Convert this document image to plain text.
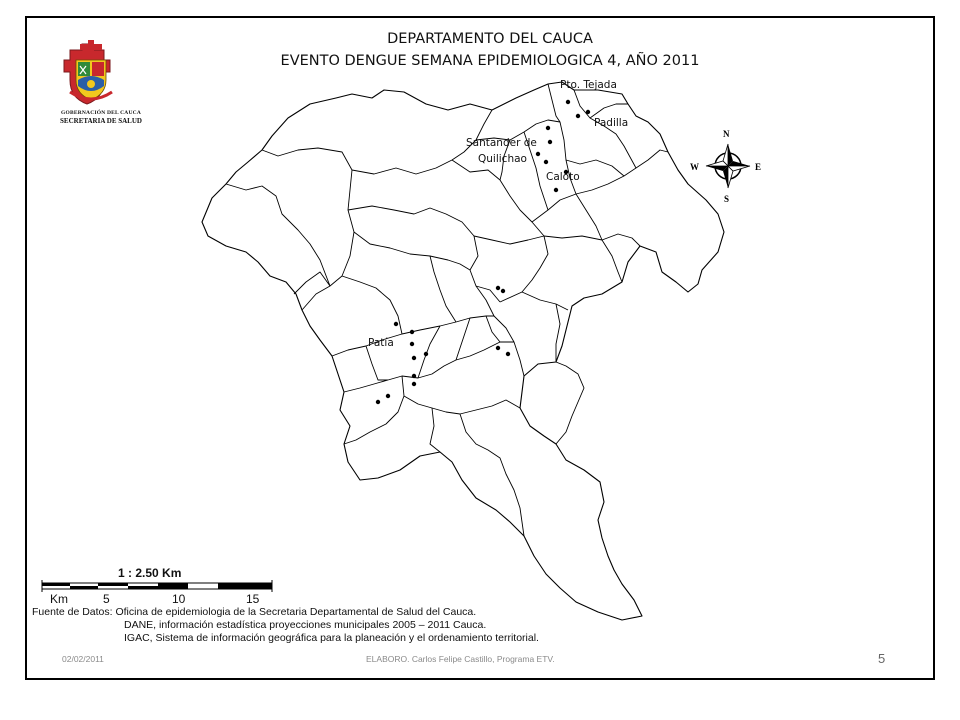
DEPARTAMENTO DEL CAUCA
EVENTO DENGUE SEMANA EPIDEMIOLOGICA 4, AÑO 2011
Pto. Tejada
Padilla
Santander de
Quilichao
Caloto
Patía
N
S
E
W
GOBERNACIÓN DEL CAUCA
SECRETARIA DE SALUD
1 : 2.50 Km
Km	5	10	15
Fuente de Datos: Oficina de epidemiologia de la Secretaria Departamental de Salud del Cauca.
DANE, información estadística proyecciones municipales 2005 – 2011 Cauca.
IGAC, Sistema de información geográfica para la planeación y el ordenamiento territorial.
02/02/2011	ELABORO. Carlos Felipe Castillo, Programa ETV.	5
